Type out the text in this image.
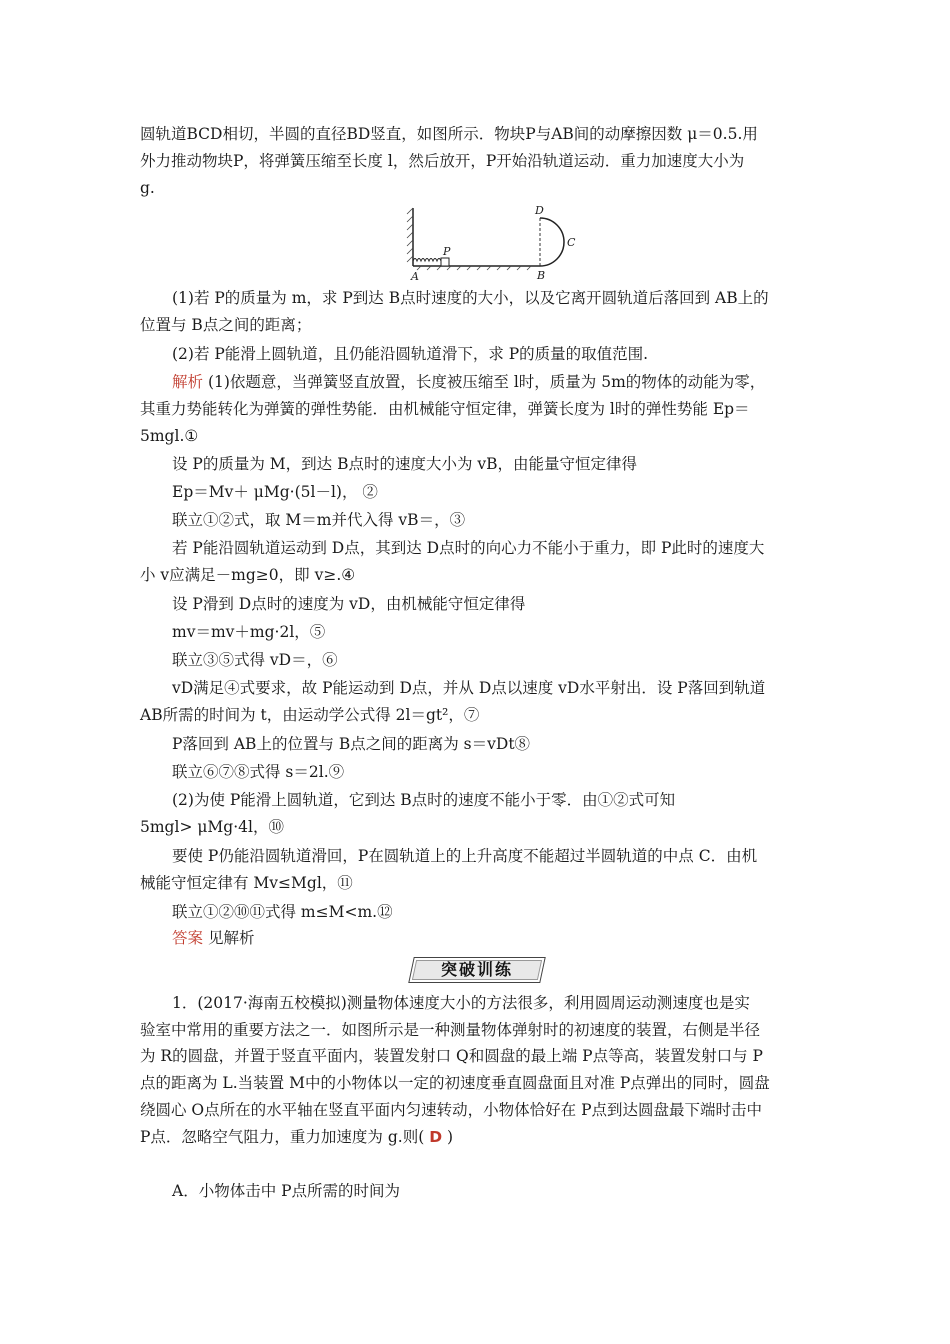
圆轨道BCD相切，半圆的直径BD竖直，如图所示．物块P与AB间的动摩擦因数 μ＝0.5.用
外力推动物块P，将弹簧压缩至长度 l，然后放开，P开始沿轨道运动．重力加速度大小为
g.
D
C
P
A	B
(1)若 P的质量为 m，求 P到达 B点时速度的大小，以及它离开圆轨道后落回到 AB上的
位置与 B点之间的距离；
(2)若 P能滑上圆轨道，且仍能沿圆轨道滑下，求 P的质量的取值范围.
解析 (1)依题意，当弹簧竖直放置，长度被压缩至 l时，质量为 5m的物体的动能为零，
其重力势能转化为弹簧的弹性势能．由机械能守恒定律，弹簧长度为 l时的弹性势能 Ep＝
5mgl.①
设 P的质量为 M，到达 B点时的速度大小为 vB，由能量守恒定律得
Ep＝Mv＋ μMg·(5l－l)， ②
联立①②式，取 M＝m并代入得 vB＝，③
若 P能沿圆轨道运动到 D点，其到达 D点时的向心力不能小于重力，即 P此时的速度大
小 v应满足－mg≥0，即 v≥.④
设 P滑到 D点时的速度为 vD，由机械能守恒定律得
mv＝mv＋mg·2l，⑤
联立③⑤式得 vD＝，⑥
vD满足④式要求，故 P能运动到 D点，并从 D点以速度 vD水平射出．设 P落回到轨道
AB所需的时间为 t，由运动学公式得 2l＝gt²，⑦
P落回到 AB上的位置与 B点之间的距离为 s＝vDt⑧
联立⑥⑦⑧式得 s＝2l.⑨
(2)为使 P能滑上圆轨道，它到达 B点时的速度不能小于零．由①②式可知
5mgl> μMg·4l，⑩
要使 P仍能沿圆轨道滑回，P在圆轨道上的上升高度不能超过半圆轨道的中点 C．由机
械能守恒定律有 Mv≤Mgl，⑪
联立①②⑩⑪式得 m≤M<m.⑫
答案 见解析
突破训练
1．(2017·海南五校模拟)测量物体速度大小的方法很多，利用圆周运动测速度也是实
验室中常用的重要方法之一．如图所示是一种测量物体弹射时的初速度的装置，右侧是半径
为 R的圆盘，并置于竖直平面内，装置发射口 Q和圆盘的最上端 P点等高，装置发射口与 P
点的距离为 L.当装置 M中的小物体以一定的初速度垂直圆盘面且对准 P点弹出的同时，圆盘
绕圆心 O点所在的水平轴在竖直平面内匀速转动，小物体恰好在 P点到达圆盘最下端时击中
P点．忽略空气阻力，重力加速度为 g.则( D )
A．小物体击中 P点所需的时间为
